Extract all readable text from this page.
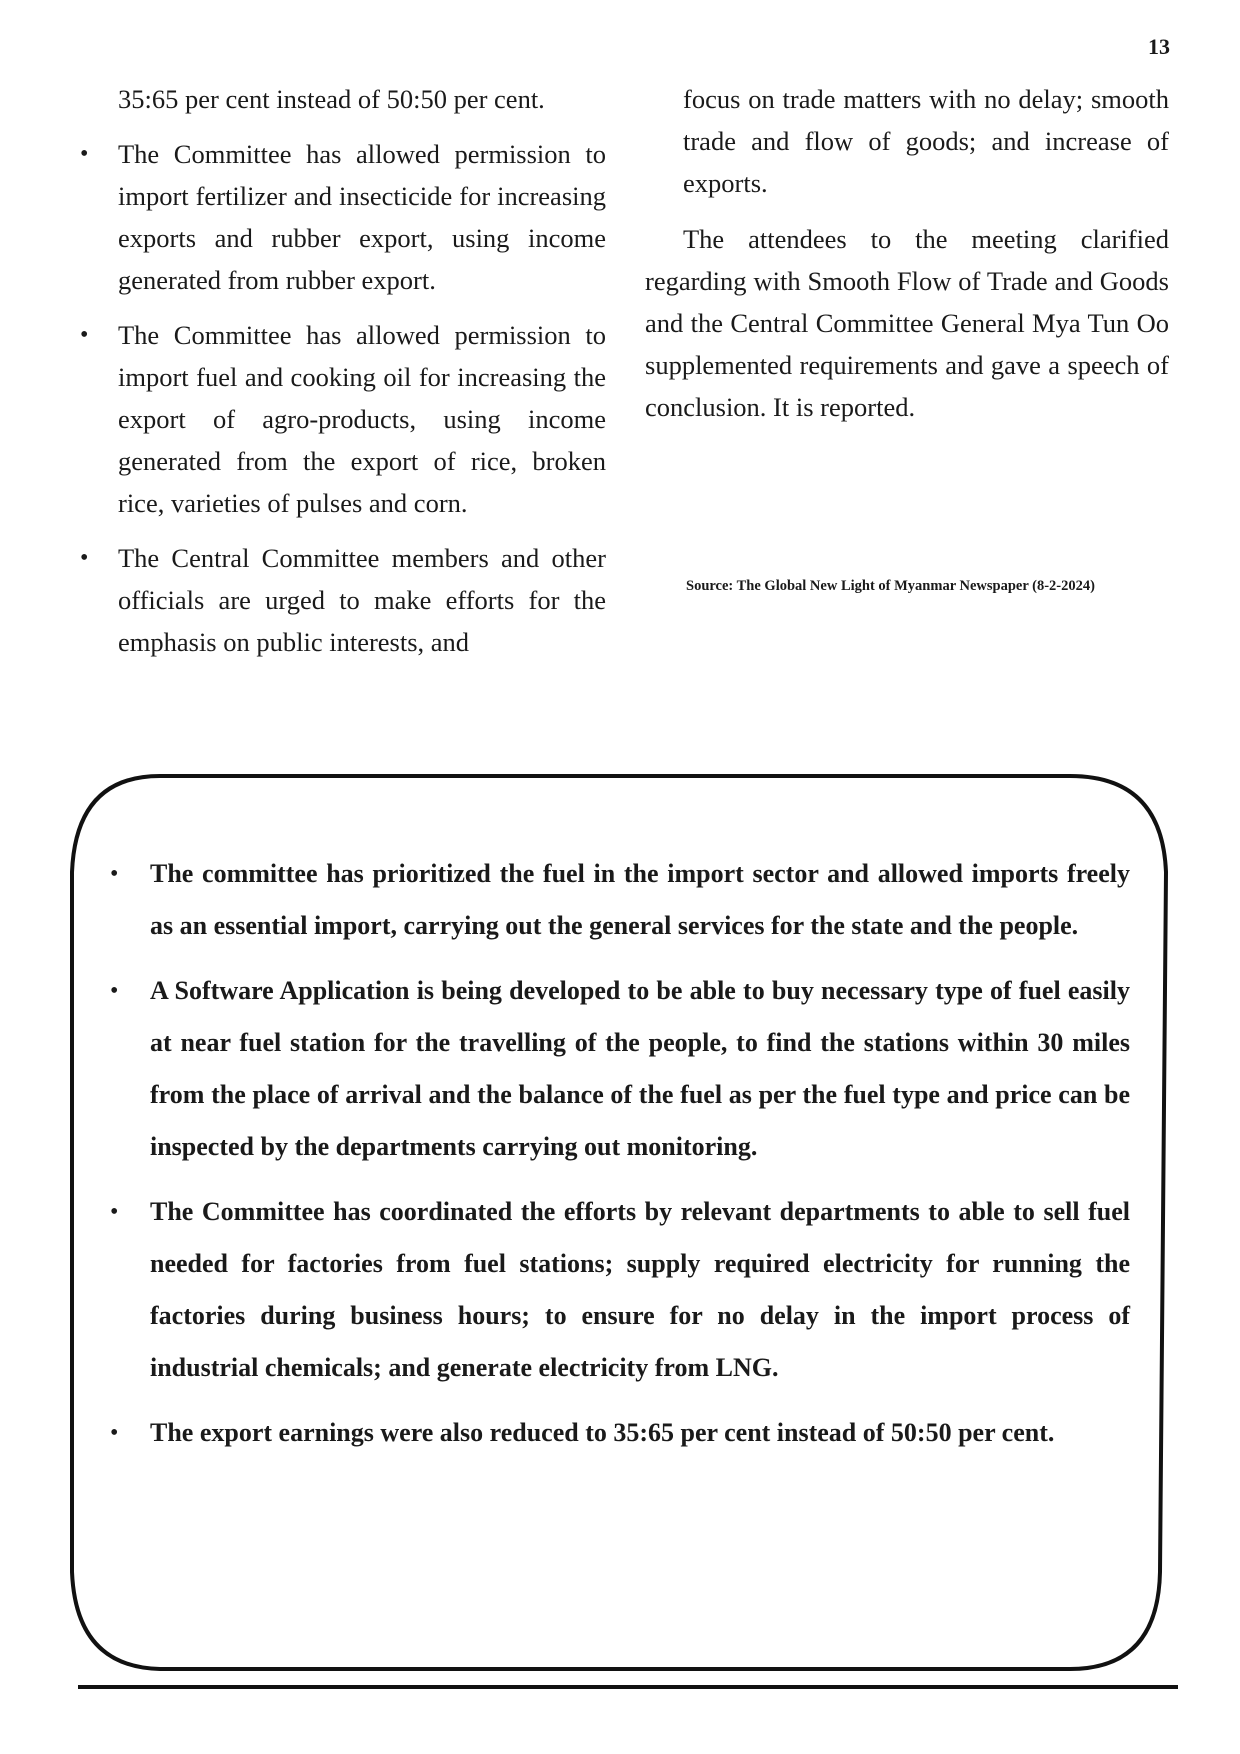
13

35:65 per cent instead of 50:50 per cent.

• The Committee has allowed permission to import fertilizer and insecticide for increasing exports and rubber export, using income generated from rubber export.
• The Committee has allowed permission to import fuel and cooking oil for increasing the export of agro-products, using income generated from the export of rice, broken rice, varieties of pulses and corn.
• The Central Committee members and other officials are urged to make efforts for the emphasis on public interests, and

focus on trade matters with no delay; smooth trade and flow of goods; and increase of exports.

The attendees to the meeting clarified regarding with Smooth Flow of Trade and Goods and the Central Committee General Mya Tun Oo supplemented requirements and gave a speech of conclusion. It is reported.

Source: The Global New Light of Myanmar Newspaper (8-2-2024)
• The committee has prioritized the fuel in the import sector and allowed imports freely as an essential import, carrying out the general services for the state and the people.
• A Software Application is being developed to be able to buy necessary type of fuel easily at near fuel station for the travelling of the people, to find the stations within 30 miles from the place of arrival and the balance of the fuel as per the fuel type and price can be inspected by the departments carrying out monitoring.
• The Committee has coordinated the efforts by relevant departments to able to sell fuel needed for factories from fuel stations; supply required electricity for running the factories during business hours; to ensure for no delay in the import process of industrial chemicals; and generate electricity from LNG.
• The export earnings were also reduced to 35:65 per cent instead of 50:50 per cent.
